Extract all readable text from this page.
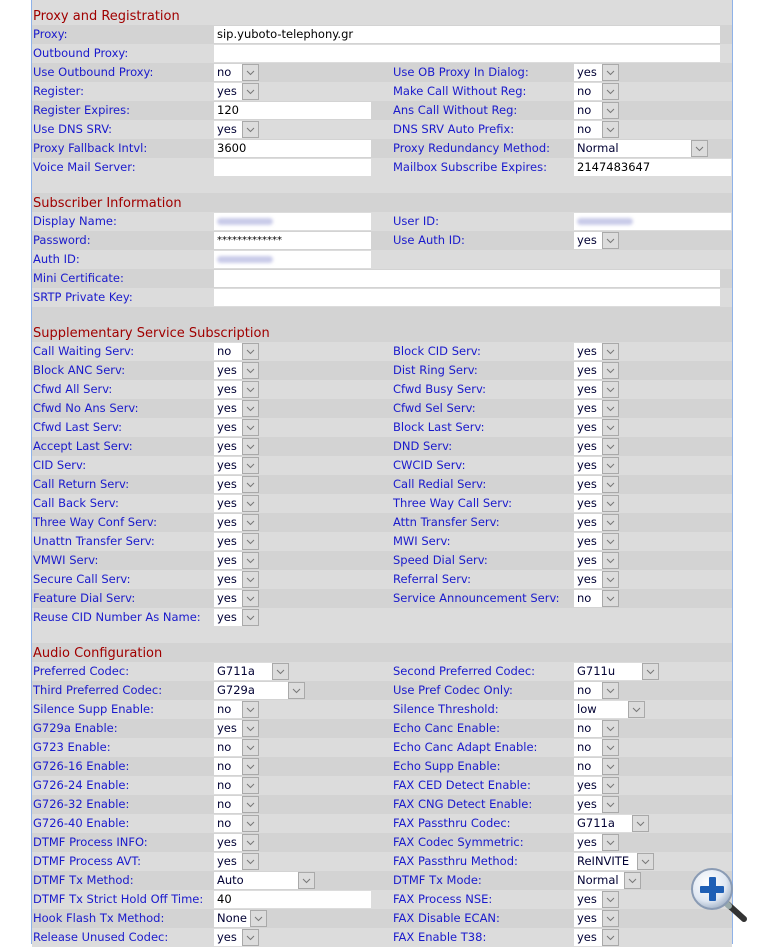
Proxy and Registration
Proxy:	sip.yuboto-telephony.gr
Outbound Proxy:
Use Outbound Proxy:	no	Use OB Proxy In Dialog:	yes
Register:	yes	Make Call Without Reg:	no
Register Expires:	120	Ans Call Without Reg:	no
Use DNS SRV:	yes	DNS SRV Auto Prefix:	no
Proxy Fallback Intvl:	3600	Proxy Redundancy Method: Normal
Voice Mail Server:	Mailbox Subscribe Expires:	2147483647
Subscriber Information
Display Name:	User ID:
Password:	*************	Use Auth ID:	yes
Auth ID:
Mini Certificate:
SRTP Private Key:
Supplementary Service Subscription
Call Waiting Serv:	no	Block CID Serv:	yes
Block ANC Serv:	yes	Dist Ring Serv:	yes
Cfwd All Serv:	yes	Cfwd Busy Serv:	yes
Cfwd No Ans Serv:	yes	Cfwd Sel Serv:	yes
Cfwd Last Serv:	yes	Block Last Serv:	yes
Accept Last Serv:	yes	DND Serv:	yes
CID Serv:	yes	CWCID Serv:	yes
Call Return Serv:	yes	Call Redial Serv:	yes
Call Back Serv:	yes	Three Way Call Serv:	yes
Three Way Conf Serv:	yes	Attn Transfer Serv:	yes
Unattn Transfer Serv:	yes	MWI Serv:	yes
VMWI Serv:	yes	Speed Dial Serv:	yes
Secure Call Serv:	yes	Referral Serv:	yes
Feature Dial Serv:	yes	Service Announcement Serv: no
Reuse CID Number As Name: yes
Audio Configuration
Preferred Codec:	G711a	Second Preferred Codec:	G711u
Third Preferred Codec:	G729a	Use Pref Codec Only:	no
Silence Supp Enable:	no	Silence Threshold:	low
G729a Enable:	yes	Echo Canc Enable:	no
G723 Enable:	no	Echo Canc Adapt Enable:	no
G726-16 Enable:	no	Echo Supp Enable:	no
G726-24 Enable:	no	FAX CED Detect Enable:	yes
G726-32 Enable:	no	FAX CNG Detect Enable:	yes
G726-40 Enable:	no	FAX Passthru Codec:	G711a
DTMF Process INFO:	yes	FAX Codec Symmetric:	yes
DTMF Process AVT:	yes	FAX Passthru Method:	ReINVITE
DTMF Tx Method:	Auto	DTMF Tx Mode:	Normal
DTMF Tx Strict Hold Off Time: 40	FAX Process NSE:	yes
Hook Flash Tx Method:	None	FAX Disable ECAN:	yes
Release Unused Codec:	yes	FAX Enable T38:	yes
